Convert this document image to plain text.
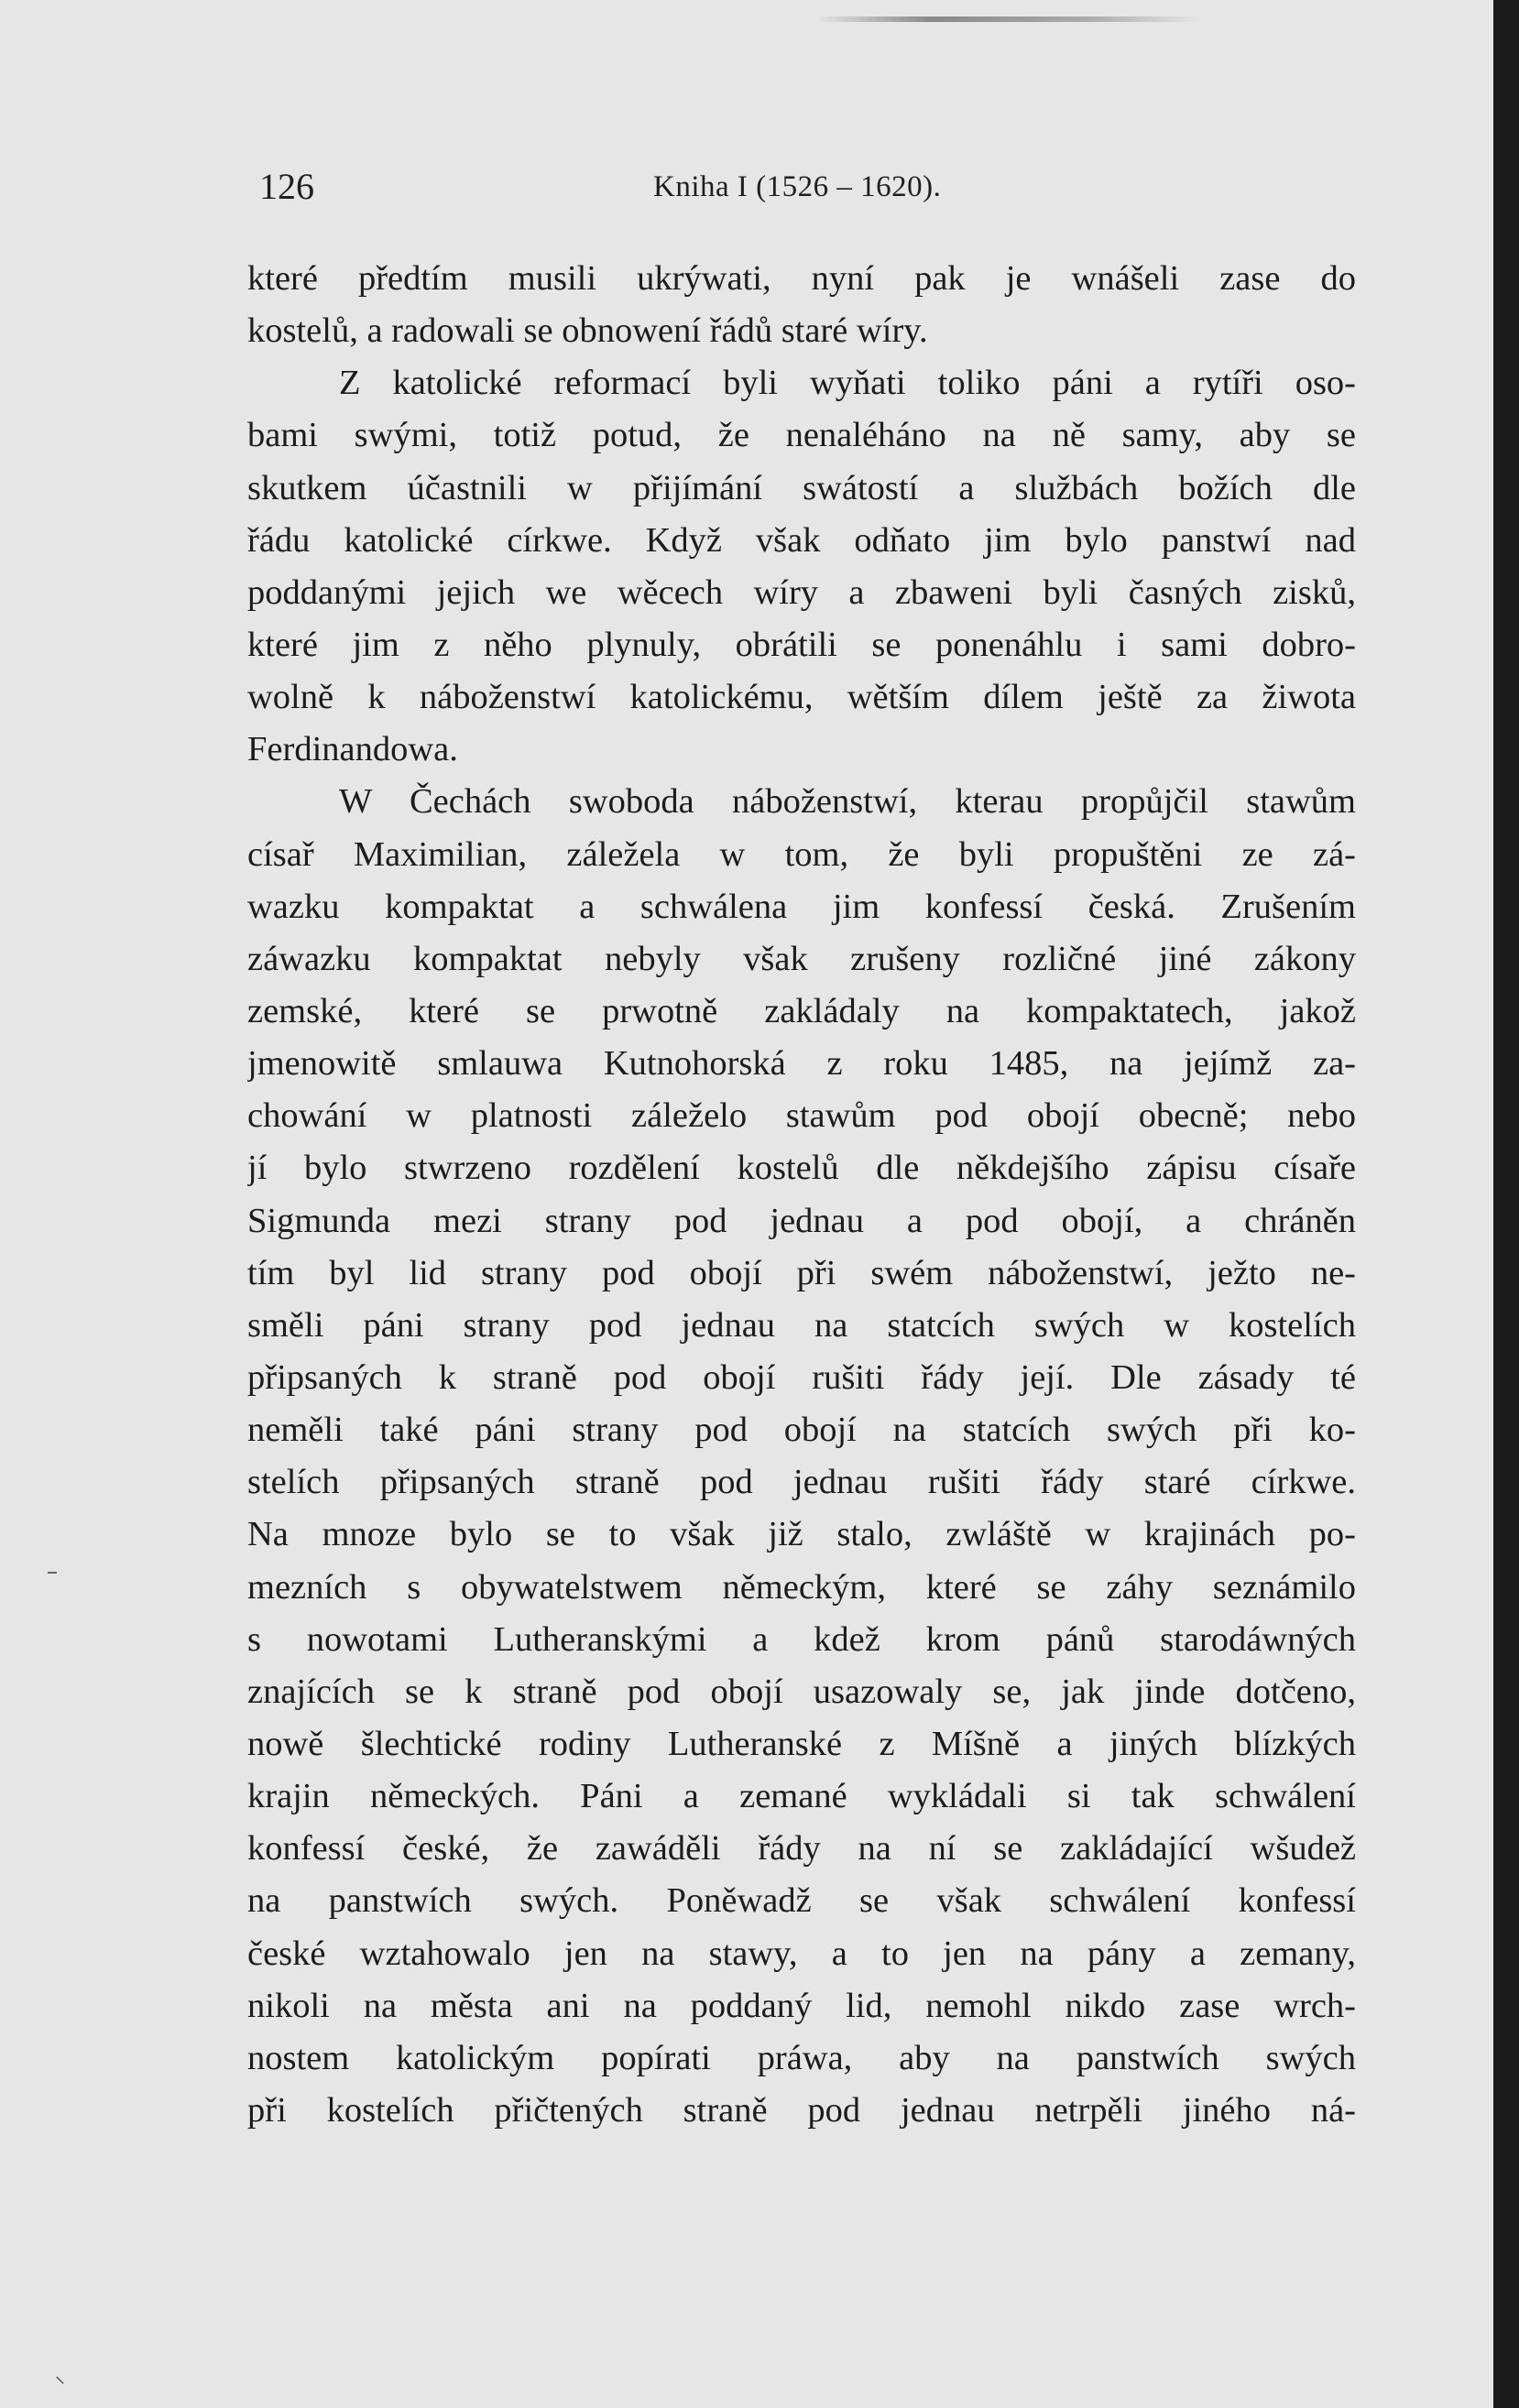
⸜
126	Kniha I (1526 – 1620).
které předtím musili ukrýwati, nyní pak je wnášeli zase do
kostelů, a radowali se obnowení řádů staré wíry.
Z katolické reformací byli wyňati toliko páni a rytíři oso-
bami swými, totiž potud, že nenaléháno na ně samy, aby se
skutkem účastnili w přijímání swátostí a službách božích dle
řádu katolické církwe. Když však odňato jim bylo panstwí nad
poddanými jejich we wěcech wíry a zbaweni byli časných zisků,
které jim z něho plynuly, obrátili se ponenáhlu i sami dobro-
wolně k náboženstwí katolickému, wětším dílem ještě za žiwota
Ferdinandowa.
W Čechách swoboda náboženstwí, kterau propůjčil stawům
císař Maximilian, záležela w tom, že byli propuštěni ze zá-
wazku kompaktat a schwálena jim konfessí česká. Zrušením
záwazku kompaktat nebyly však zrušeny rozličné jiné zákony
zemské, které se prwotně zakládaly na kompaktatech, jakož
jmenowitě smlauwa Kutnohorská z roku 1485, na jejímž za-
chowání w platnosti záleželo stawům pod obojí obecně; nebo
jí bylo stwrzeno rozdělení kostelů dle někdejšího zápisu císaře
Sigmunda mezi strany pod jednau a pod obojí, a chráněn
tím byl lid strany pod obojí při swém náboženstwí, ježto ne-
směli páni strany pod jednau na statcích swých w kostelích
připsaných k straně pod obojí rušiti řády její. Dle zásady té
neměli také páni strany pod obojí na statcích swých při ko-
stelích připsaných straně pod jednau rušiti řády staré církwe.
Na mnoze bylo se to však již stalo, zwláště w krajinách po-
mezních s obywatelstwem německým, které se záhy seznámilo
s nowotami Lutheranskými a kdež krom pánů starodáwných
znajících se k straně pod obojí usazowaly se, jak jinde dotčeno,
nowě šlechtické rodiny Lutheranské z Míšně a jiných blízkých
krajin německých. Páni a zemané wykládali si tak schwálení
konfessí české, že zawáděli řády na ní se zakládající wšudež
na panstwích swých. Poněwadž se však schwálení konfessí
české wztahowalo jen na stawy, a to jen na pány a zemany,
nikoli na města ani na poddaný lid, nemohl nikdo zase wrch-
nostem katolickým popírati práwa, aby na panstwích swých
při kostelích přičtených straně pod jednau netrpěli jiného ná-
